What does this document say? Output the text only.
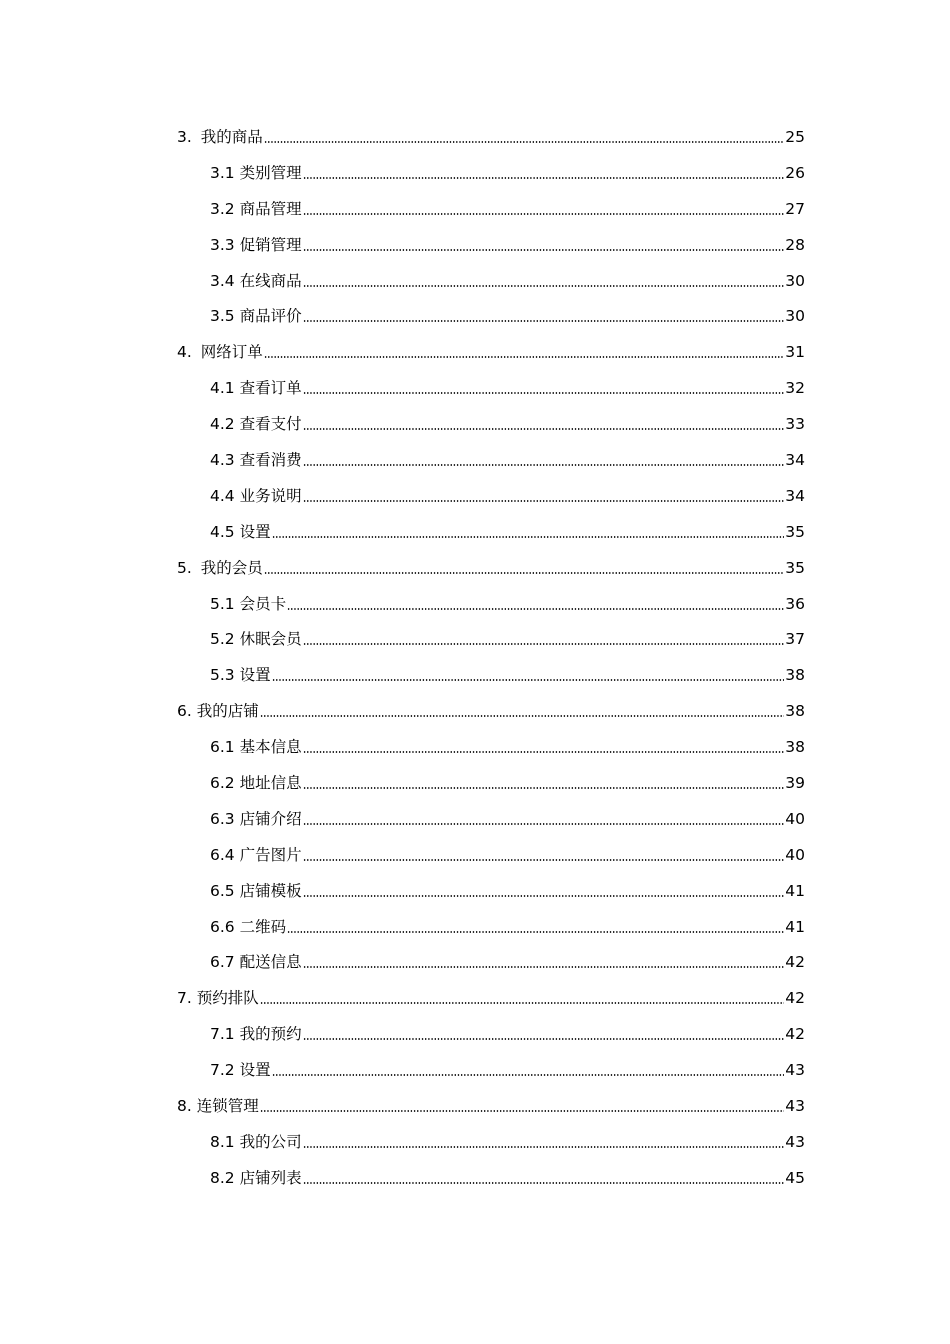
3. 我的商品	25
3.1 类别管理	26
3.2 商品管理	27
3.3 促销管理	28
3.4 在线商品	30
3.5 商品评价	30
4. 网络订单	31
4.1 查看订单	32
4.2 查看支付	33
4.3 查看消费	34
4.4 业务说明	34
4.5 设置	35
5. 我的会员	35
5.1 会员卡	36
5.2 休眠会员	37
5.3 设置	38
6. 我的店铺	38
6.1 基本信息	38
6.2 地址信息	39
6.3 店铺介绍	40
6.4 广告图片	40
6.5 店铺模板	41
6.6 二维码	41
6.7 配送信息	42
7. 预约排队	42
7.1 我的预约	42
7.2 设置	43
8. 连锁管理	43
8.1 我的公司	43
8.2 店铺列表	45
